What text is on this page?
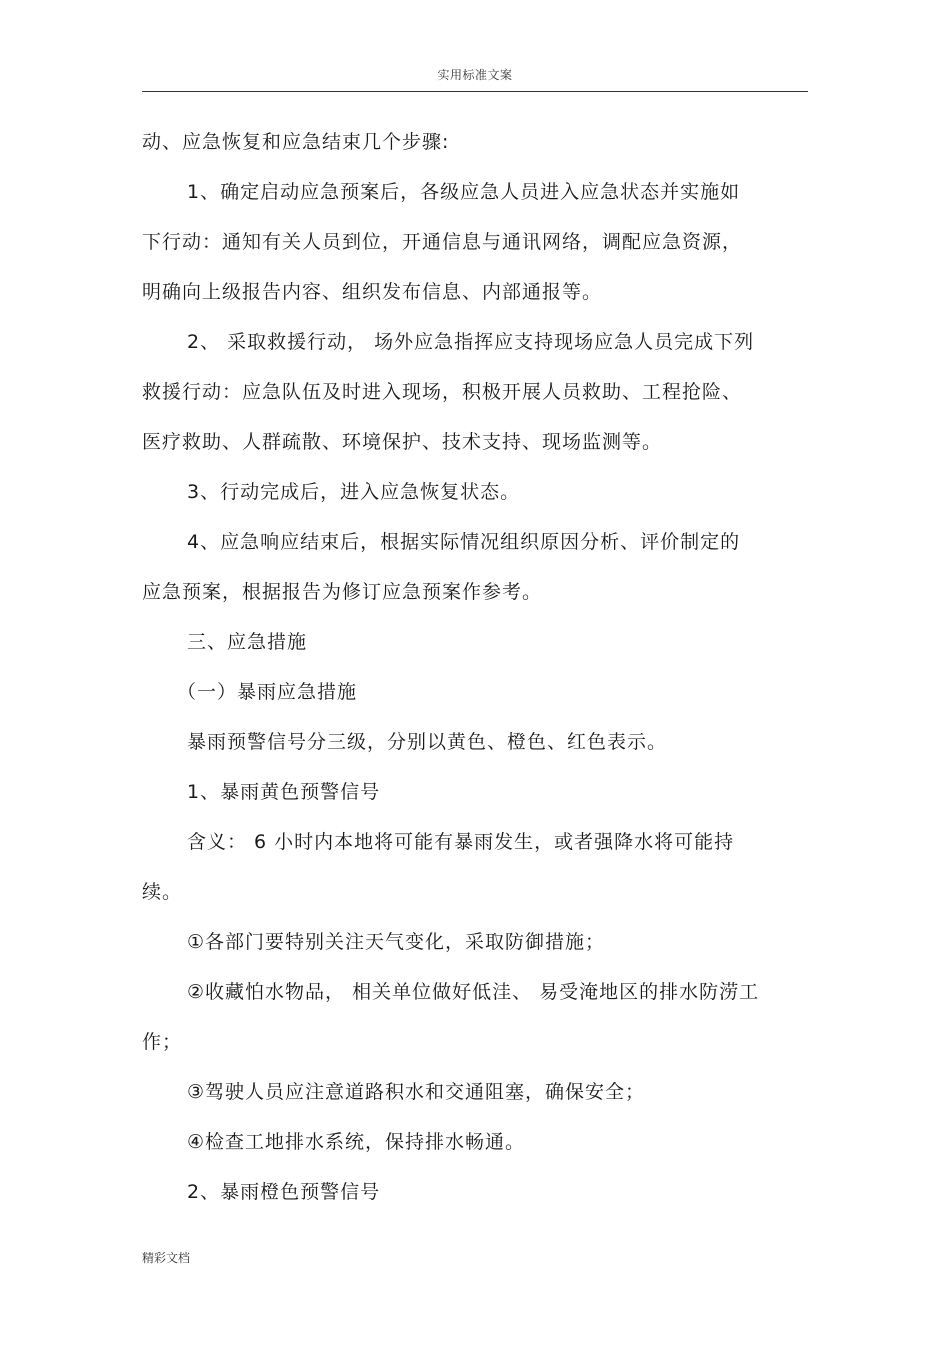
实用标准文案
动、应急恢复和应急结束几个步骤:
1、确定启动应急预案后，各级应急人员进入应急状态并实施如
下行动：通知有关人员到位，开通信息与通讯网络，调配应急资源，
明确向上级报告内容、组织发布信息、内部通报等。
2、 采取救援行动， 场外应急指挥应支持现场应急人员完成下列
救援行动：应急队伍及时进入现场，积极开展人员救助、工程抢险、
医疗救助、人群疏散、环境保护、技术支持、现场监测等。
3、行动完成后，进入应急恢复状态。
4、应急响应结束后，根据实际情况组织原因分析、评价制定的
应急预案，根据报告为修订应急预案作参考。
三、应急措施
（一）暴雨应急措施
暴雨预警信号分三级，分别以黄色、橙色、红色表示。
1、暴雨黄色预警信号
含义： 6 小时内本地将可能有暴雨发生，或者强降水将可能持
续。
①各部门要特别关注天气变化，采取防御措施；
②收藏怕水物品， 相关单位做好低洼、 易受淹地区的排水防涝工
作；
③驾驶人员应注意道路积水和交通阻塞，确保安全；
④检查工地排水系统，保持排水畅通。
2、暴雨橙色预警信号
精彩文档
